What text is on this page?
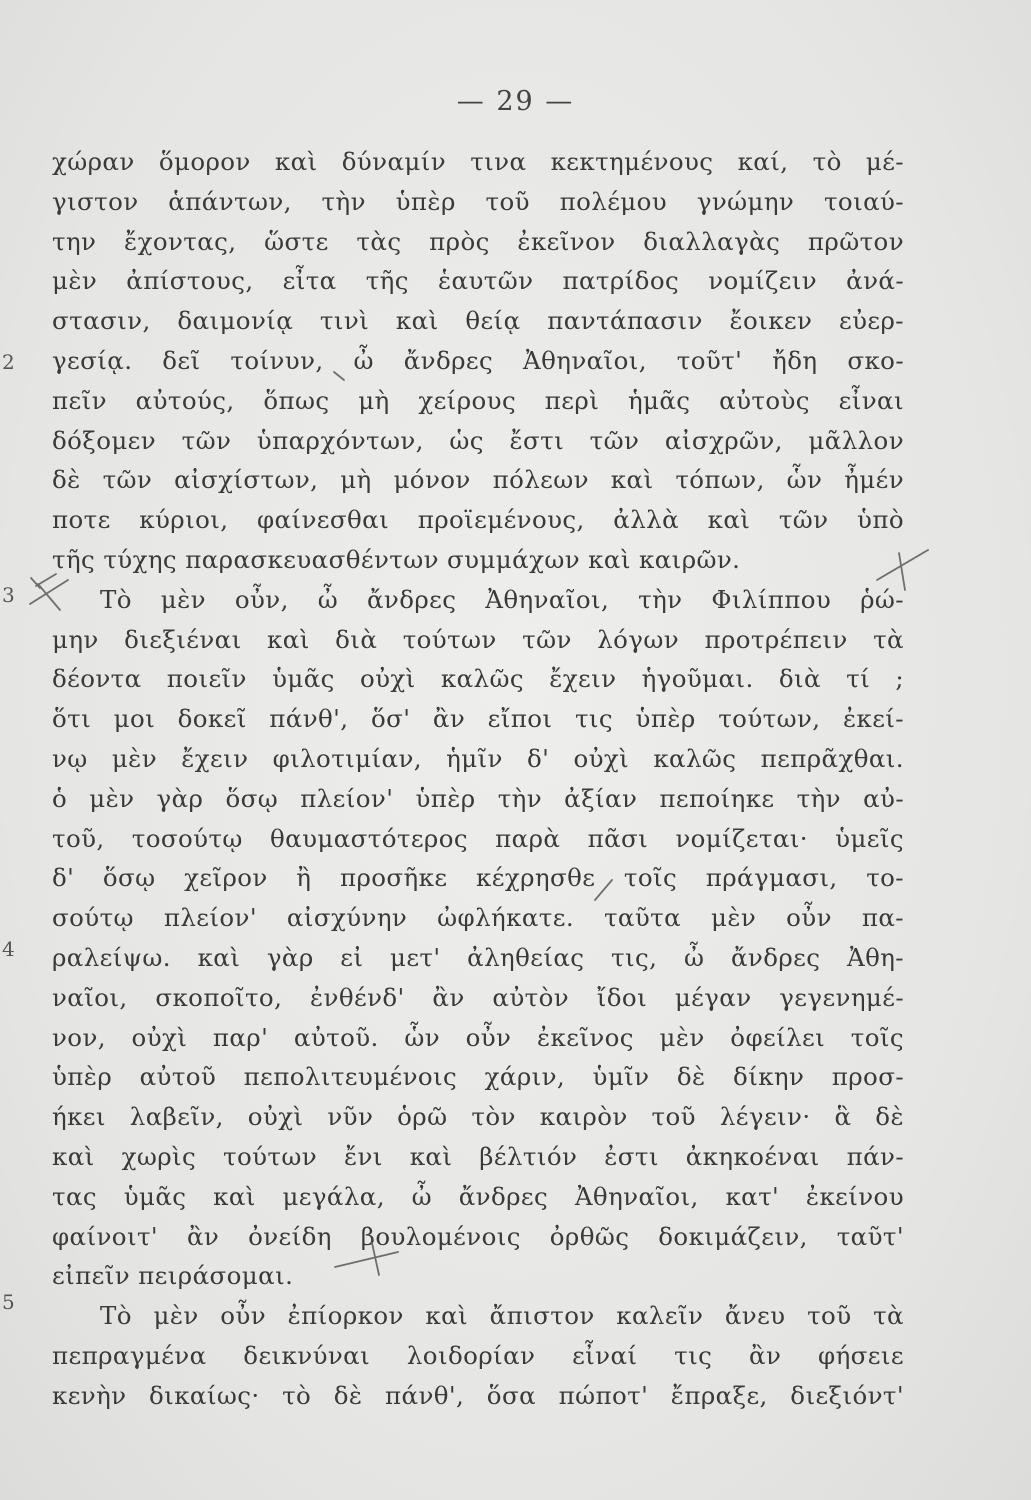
— 29 —
2
3
4
5
χώραν ὅμορον καὶ δύναμίν τινα κεκτημένους καί, τὸ μέ-
γιστον ἁπάντων, τὴν ὑπὲρ τοῦ πολέμου γνώμην τοιαύ-
την ἔχοντας, ὥστε τὰς πρὸς ἐκεῖνον διαλλαγὰς πρῶτον
μὲν ἀπίστους, εἶτα τῆς ἑαυτῶν πατρίδος νομίζειν ἀνά-
στασιν, δαιμονίᾳ τινὶ καὶ θείᾳ παντάπασιν ἔοικεν εὐερ-
γεσίᾳ. δεῖ τοίνυν, ὦ ἄνδρες Ἀθηναῖοι, τοῦτ' ἤδη σκο-
πεῖν αὐτούς, ὅπως μὴ χείρους περὶ ἡμᾶς αὐτοὺς εἶναι
δόξομεν τῶν ὑπαρχόντων, ὡς ἔστι τῶν αἰσχρῶν, μᾶλλον
δὲ τῶν αἰσχίστων, μὴ μόνον πόλεων καὶ τόπων, ὧν ἦμέν
ποτε κύριοι, φαίνεσθαι προϊεμένους, ἀλλὰ καὶ τῶν ὑπὸ
τῆς τύχης παρασκευασθέντων συμμάχων καὶ καιρῶν.
Τὸ μὲν οὖν, ὦ ἄνδρες Ἀθηναῖοι, τὴν Φιλίππου ῥώ-
μην διεξιέναι καὶ διὰ τούτων τῶν λόγων προτρέπειν τὰ
δέοντα ποιεῖν ὑμᾶς οὐχὶ καλῶς ἔχειν ἡγοῦμαι. διὰ τί ;
ὅτι μοι δοκεῖ πάνθ', ὅσ' ἂν εἴποι τις ὑπὲρ τούτων, ἐκεί-
νῳ μὲν ἔχειν φιλοτιμίαν, ἡμῖν δ' οὐχὶ καλῶς πεπρᾶχθαι.
ὁ μὲν γὰρ ὅσῳ πλείον' ὑπὲρ τὴν ἀξίαν πεποίηκε τὴν αὐ-
τοῦ, τοσούτῳ θαυμαστότερος παρὰ πᾶσι νομίζεται· ὑμεῖς
δ' ὅσῳ χεῖρον ἢ προσῆκε κέχρησθε τοῖς πράγμασι, το-
σούτῳ πλείον' αἰσχύνην ὠφλήκατε. ταῦτα μὲν οὖν πα-
ραλείψω. καὶ γὰρ εἰ μετ' ἀληθείας τις, ὦ ἄνδρες Ἀθη-
ναῖοι, σκοποῖτο, ἐνθένδ' ἂν αὐτὸν ἴδοι μέγαν γεγενημέ-
νον, οὐχὶ παρ' αὐτοῦ. ὧν οὖν ἐκεῖνος μὲν ὀφείλει τοῖς
ὑπὲρ αὐτοῦ πεπολιτευμένοις χάριν, ὑμῖν δὲ δίκην προσ-
ήκει λαβεῖν, οὐχὶ νῦν ὁρῶ τὸν καιρὸν τοῦ λέγειν· ἃ δὲ
καὶ χωρὶς τούτων ἔνι καὶ βέλτιόν ἐστι ἀκηκοέναι πάν-
τας ὑμᾶς καὶ μεγάλα, ὦ ἄνδρες Ἀθηναῖοι, κατ' ἐκείνου
φαίνοιτ' ἂν ὀνείδη βουλομένοις ὀρθῶς δοκιμάζειν, ταῦτ'
εἰπεῖν πειράσομαι.
Τὸ μὲν οὖν ἐπίορκον καὶ ἄπιστον καλεῖν ἄνευ τοῦ τὰ
πεπραγμένα δεικνύναι λοιδορίαν εἶναί τις ἂν φήσειε
κενὴν δικαίως· τὸ δὲ πάνθ', ὅσα πώποτ' ἔπραξε, διεξιόντ'
